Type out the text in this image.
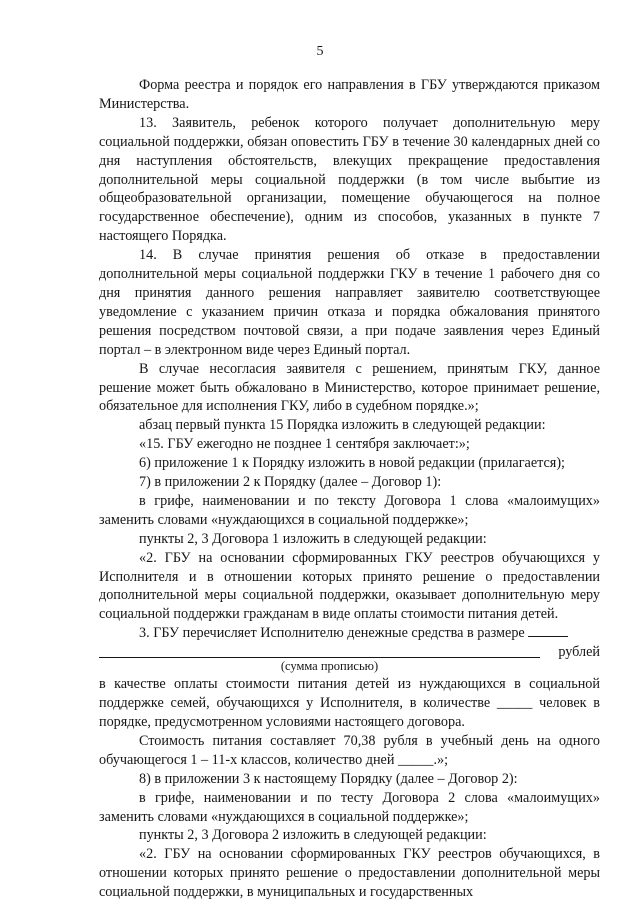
5

Форма реестра и порядок его направления в ГБУ утверждаются приказом Министерства.

13. Заявитель, ребенок которого получает дополнительную меру социальной поддержки, обязан оповестить ГБУ в течение 30 календарных дней со дня наступления обстоятельств, влекущих прекращение предоставления дополнительной меры социальной поддержки (в том числе выбытие из общеобразовательной организации, помещение обучающегося на полное государственное обеспечение), одним из способов, указанных в пункте 7 настоящего Порядка.

14. В случае принятия решения об отказе в предоставлении дополнительной меры социальной поддержки ГКУ в течение 1 рабочего дня со дня принятия данного решения направляет заявителю соответствующее уведомление с указанием причин отказа и порядка обжалования принятого решения посредством почтовой связи, а при подаче заявления через Единый портал – в электронном виде через Единый портал.

В случае несогласия заявителя с решением, принятым ГКУ, данное решение может быть обжаловано в Министерство, которое принимает решение, обязательное для исполнения ГКУ, либо в судебном порядке.»;

абзац первый пункта 15 Порядка изложить в следующей редакции:

«15. ГБУ ежегодно не позднее 1 сентября заключает:»;

6) приложение 1 к Порядку изложить в новой редакции (прилагается);

7) в приложении 2 к Порядку (далее – Договор 1):

в грифе, наименовании и по тексту Договора 1 слова «малоимущих» заменить словами «нуждающихся в социальной поддержке»;

пункты 2, 3 Договора 1 изложить в следующей редакции:

«2. ГБУ на основании сформированных ГКУ реестров обучающихся у Исполнителя и в отношении которых принято решение о предоставлении дополнительной меры социальной поддержки, оказывает дополнительную меру социальной поддержки гражданам в виде оплаты стоимости питания детей.

3. ГБУ перечисляет Исполнителю денежные средства в размере

рублей
(сумма прописью)

в качестве оплаты стоимости питания детей из нуждающихся в социальной поддержке семей, обучающихся у Исполнителя, в количестве _____ человек в порядке, предусмотренном условиями настоящего договора.

Стоимость питания составляет 70,38 рубля в учебный день на одного обучающегося 1 – 11-х классов, количество дней _____.»;

8) в приложении 3 к настоящему Порядку (далее – Договор 2):

в грифе, наименовании и по тесту Договора 2 слова «малоимущих» заменить словами «нуждающихся в социальной поддержке»;

пункты 2, 3 Договора 2 изложить в следующей редакции:

«2. ГБУ на основании сформированных ГКУ реестров обучающихся, в отношении которых принято решение о предоставлении дополнительной меры социальной поддержки, в муниципальных и государственных
